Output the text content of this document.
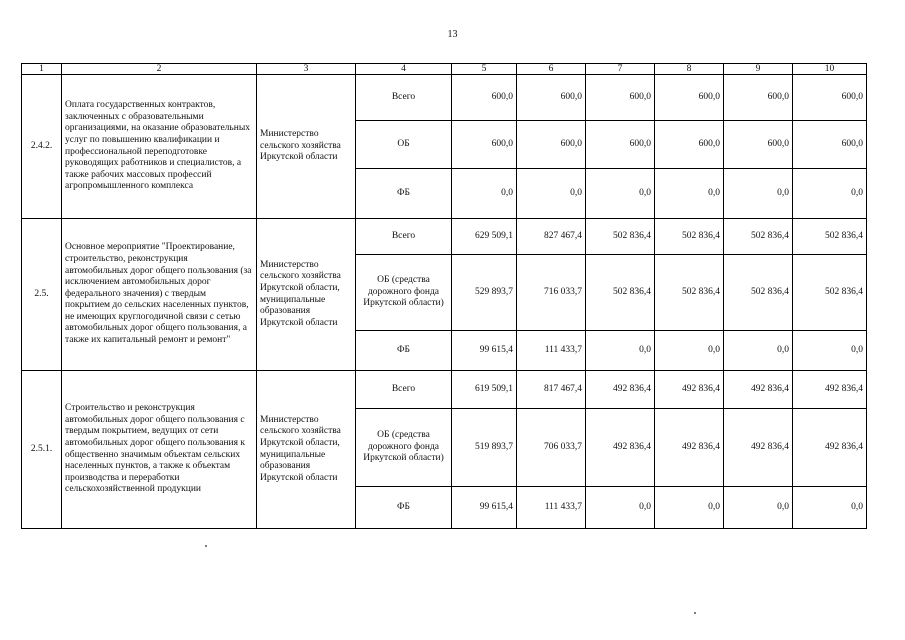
13
1	2	3	4	5	6	7	8	9	10
2.4.2.	Оплата государственных контрактов, заключенных с образовательными организациями, на оказание образовательных услуг по повышению квалификации и профессиональной переподготовке руководящих работников и специалистов, а также рабочих массовых профессий агропромышленного комплекса	Министерство сельского хозяйства Иркутской области	Всего	600,0	600,0	600,0	600,0	600,0	600,0
			ОБ	600,0	600,0	600,0	600,0	600,0	600,0
			ФБ	0,0	0,0	0,0	0,0	0,0	0,0
2.5.	Основное мероприятие "Проектирование, строительство, реконструкция автомобильных дорог общего пользования (за исключением автомобильных дорог федерального значения) с твердым покрытием до сельских населенных пунктов, не имеющих круглогодичной связи с сетью автомобильных дорог общего пользования, а также их капитальный ремонт и ремонт"	Министерство сельского хозяйства Иркутской области, муниципальные образования Иркутской области	Всего	629 509,1	827 467,4	502 836,4	502 836,4	502 836,4	502 836,4
			ОБ (средства дорожного фонда Иркутской области)	529 893,7	716 033,7	502 836,4	502 836,4	502 836,4	502 836,4
			ФБ	99 615,4	111 433,7	0,0	0,0	0,0	0,0
2.5.1.	Строительство и реконструкция автомобильных дорог общего пользования с твердым покрытием, ведущих от сети автомобильных дорог общего пользования к общественно значимым объектам сельских населенных пунктов, а также к объектам производства и переработки сельскохозяйственной продукции	Министерство сельского хозяйства Иркутской области, муниципальные образования Иркутской области	Всего	619 509,1	817 467,4	492 836,4	492 836,4	492 836,4	492 836,4
			ОБ (средства дорожного фонда Иркутской области)	519 893,7	706 033,7	492 836,4	492 836,4	492 836,4	492 836,4
			ФБ	99 615,4	111 433,7	0,0	0,0	0,0	0,0
